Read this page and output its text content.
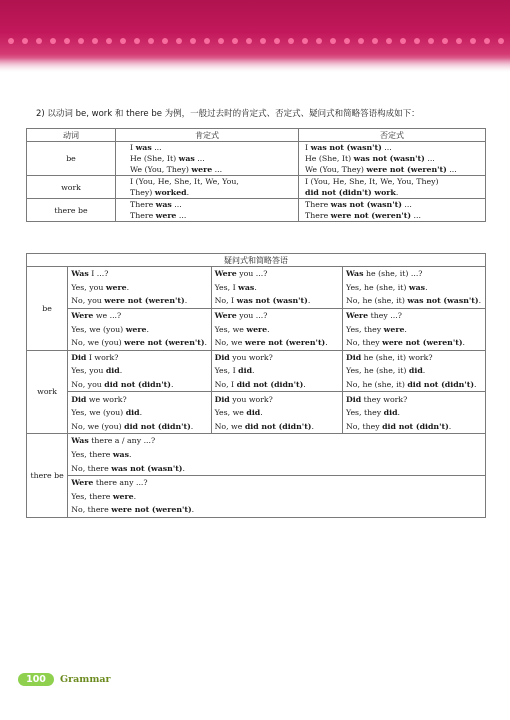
2) 以动词 be, work 和 there be 为例，一般过去时的肯定式、否定式、疑问式和简略答语构成如下：
动词	肯定式	否定式
be	I was ...	I was not (wasn't) ...
	He (She, It) was ...	He (She, It) was not (wasn't) ...
	We (You, They) were ...	We (You, They) were not (weren't) ...
work	I (You, He, She, It, We, You,	I (You, He, She, It, We, You, They)
	They) worked.	did not (didn't) work.
there be	There was ...	There was not (wasn't) ...
	There were ...	There were not (weren't) ...
疑问式和简略答语			
be	Was I ...?	Were you ...?	Was he (she, it) ...?
	Yes, you were.	Yes, I was.	Yes, he (she, it) was.
	No, you were not (weren't).	No, I was not (wasn't).	No, he (she, it) was not (wasn't).
	Were we ...?	Were you ...?	Were they ...?
	Yes, we (you) were.	Yes, we were.	Yes, they were.
	No, we (you) were not (weren't).	No, we were not (weren't).	No, they were not (weren't).
work	Did I work?	Did you work?	Did he (she, it) work?
	Yes, you did.	Yes, I did.	Yes, he (she, it) did.
	No, you did not (didn't).	No, I did not (didn't).	No, he (she, it) did not (didn't).
	Did we work?	Did you work?	Did they work?
	Yes, we (you) did.	Yes, we did.	Yes, they did.
	No, we (you) did not (didn't).	No, we did not (didn't).	No, they did not (didn't).
there be	Was there a / any ...?		
	Yes, there was.		
	No, there was not (wasn't).		
	Were there any ...?		
	Yes, there were.		
	No, there were not (weren't).		
100	Grammar
